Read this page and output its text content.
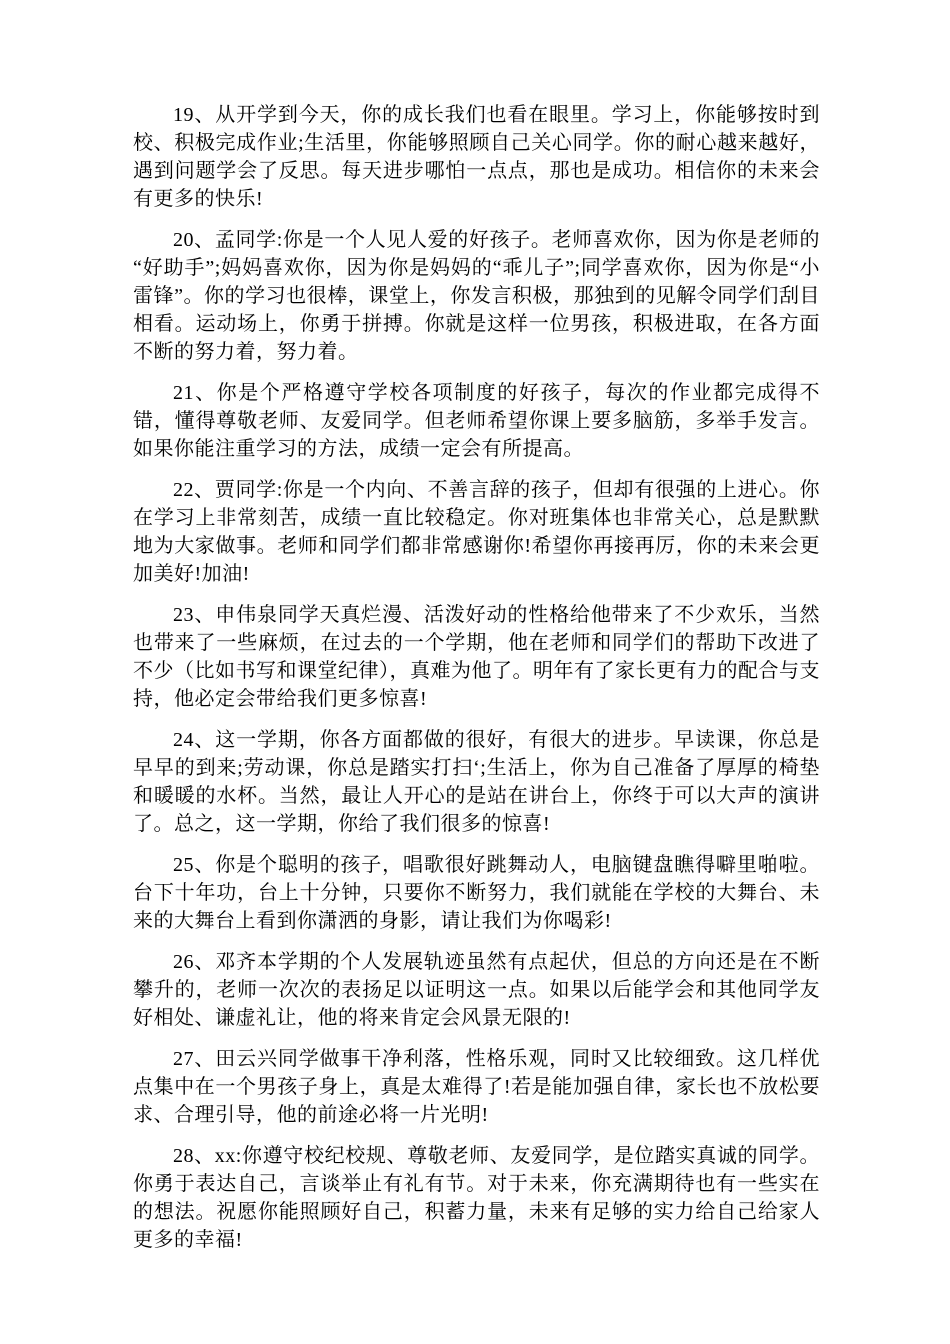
19、从开学到今天，你的成长我们也看在眼里。学习上，你能够按时到校、积极完成作业;生活里，你能够照顾自己关心同学。你的耐心越来越好，遇到问题学会了反思。每天进步哪怕一点点，那也是成功。相信你的未来会有更多的快乐!

20、孟同学:你是一个人见人爱的好孩子。老师喜欢你，因为你是老师的“好助手”;妈妈喜欢你，因为你是妈妈的“乖儿子”;同学喜欢你，因为你是“小雷锋”。你的学习也很棒，课堂上，你发言积极，那独到的见解令同学们刮目相看。运动场上，你勇于拼搏。你就是这样一位男孩，积极进取，在各方面不断的努力着，努力着。

21、你是个严格遵守学校各项制度的好孩子，每次的作业都完成得不错，懂得尊敬老师、友爱同学。但老师希望你课上要多脑筋，多举手发言。如果你能注重学习的方法，成绩一定会有所提高。

22、贾同学:你是一个内向、不善言辞的孩子，但却有很强的上进心。你在学习上非常刻苦，成绩一直比较稳定。你对班集体也非常关心，总是默默地为大家做事。老师和同学们都非常感谢你!希望你再接再厉，你的未来会更加美好!加油!

23、申伟泉同学天真烂漫、活泼好动的性格给他带来了不少欢乐，当然也带来了一些麻烦，在过去的一个学期，他在老师和同学们的帮助下改进了不少（比如书写和课堂纪律），真难为他了。明年有了家长更有力的配合与支持，他必定会带给我们更多惊喜!

24、这一学期，你各方面都做的很好，有很大的进步。早读课，你总是早早的到来;劳动课，你总是踏实打扫‘;生活上，你为自己准备了厚厚的椅垫和暖暖的水杯。当然，最让人开心的是站在讲台上，你终于可以大声的演讲了。总之，这一学期，你给了我们很多的惊喜!

25、你是个聪明的孩子，唱歌很好跳舞动人，电脑键盘瞧得噼里啪啦。台下十年功，台上十分钟，只要你不断努力，我们就能在学校的大舞台、未来的大舞台上看到你潇洒的身影，请让我们为你喝彩!

26、邓齐本学期的个人发展轨迹虽然有点起伏，但总的方向还是在不断攀升的，老师一次次的表扬足以证明这一点。如果以后能学会和其他同学友好相处、谦虚礼让，他的将来肯定会风景无限的!

27、田云兴同学做事干净利落，性格乐观，同时又比较细致。这几样优点集中在一个男孩子身上，真是太难得了!若是能加强自律，家长也不放松要求、合理引导，他的前途必将一片光明!

28、xx:你遵守校纪校规、尊敬老师、友爱同学，是位踏实真诚的同学。你勇于表达自己，言谈举止有礼有节。对于未来，你充满期待也有一些实在的想法。祝愿你能照顾好自己，积蓄力量，未来有足够的实力给自己给家人更多的幸福!
